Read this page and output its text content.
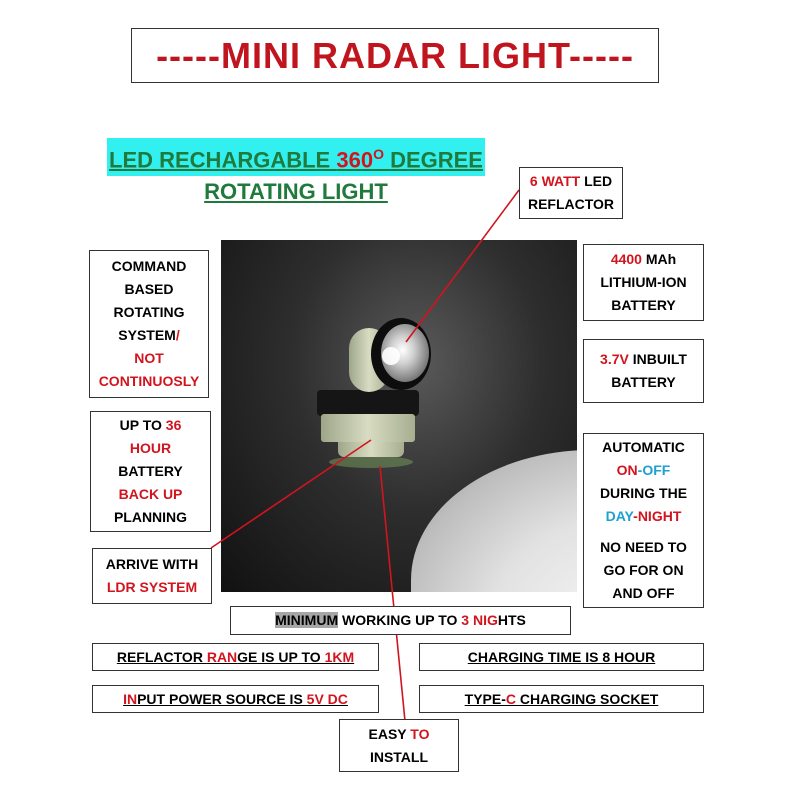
-----MINI RADAR LIGHT-----
LED RECHARGABLE $360^O$ DEGREE
ROTATING LIGHT	6 WATT LED
REFLACTOR
COMMAND
BASED
ROTATING
SYSTEM/
NOT
CONTINUOSLY
UP TO 36
HOUR
BATTERY
BACK UP
PLANNING
ARRIVE WITH
LDR SYSTEM
4400 MAh
LITHIUM-ION
BATTERY
3.7V INBUILT
BATTERY
AUTOMATIC
ON-OFF
DURING THE
DAY-NIGHT
NO NEED TO
GO FOR ON
AND OFF
MINIMUM WORKING UP TO 3 NIGHTS
REFLACTOR RANGE IS UP TO 1KM	CHARGING TIME IS 8 HOUR
INPUT POWER SOURCE IS 5V DC	TYPE-C CHARGING SOCKET
EASY TO
INSTALL
